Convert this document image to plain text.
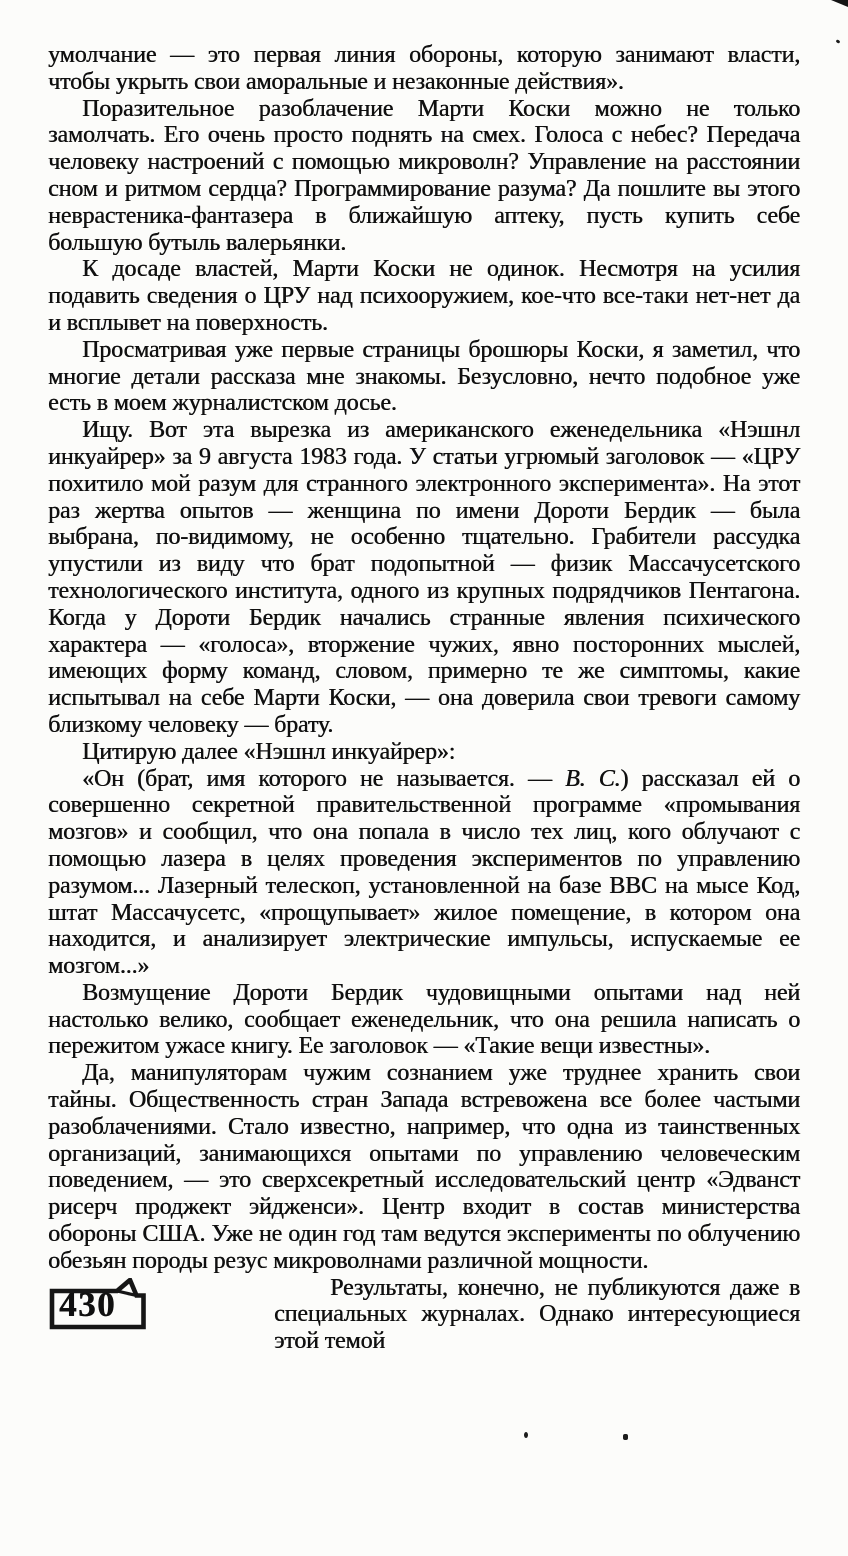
умолчание — это первая линия обороны, которую занимают власти, чтобы укрыть свои аморальные и незаконные действия».

Поразительное разоблачение Марти Коски можно не только замолчать. Его очень просто поднять на смех. Голоса с небес? Передача человеку настроений с помощью микроволн? Управление на расстоянии сном и ритмом сердца? Программирование разума? Да пошлите вы этого неврастеника-фантазера в ближайшую аптеку, пусть купить себе большую бутыль валерьянки.

К досаде властей, Марти Коски не одинок. Несмотря на усилия подавить сведения о ЦРУ над психооружием, кое-что все-таки нет-нет да и всплывет на поверхность.

Просматривая уже первые страницы брошюры Коски, я заметил, что многие детали рассказа мне знакомы. Безусловно, нечто подобное уже есть в моем журналистском досье.

Ищу. Вот эта вырезка из американского еженедельника «Нэшнл инкуайрер» за 9 августа 1983 года. У статьи угрюмый заголовок — «ЦРУ похитило мой разум для странного электронного эксперимента». На этот раз жертва опытов — женщина по имени Дороти Бердик — была выбрана, по-видимому, не особенно тщательно. Грабители рассудка упустили из виду что брат подопытной — физик Массачусетского технологического института, одного из крупных подрядчиков Пентагона. Когда у Дороти Бердик начались странные явления психического характера — «голоса», вторжение чужих, явно посторонних мыслей, имеющих форму команд, словом, примерно те же симптомы, какие испытывал на себе Марти Коски, — она доверила свои тревоги самому близкому человеку — брату.

Цитирую далее «Нэшнл инкуайрер»:

«Он (брат, имя которого не называется. — В. С.) рассказал ей о совершенно секретной правительственной программе «промывания мозгов» и сообщил, что она попала в число тех лиц, кого облучают с помощью лазера в целях проведения экспериментов по управлению разумом... Лазерный телескоп, установленной на базе ВВС на мысе Код, штат Массачусетс, «прощупывает» жилое помещение, в котором она находится, и анализирует электрические импульсы, испускаемые ее мозгом...»

Возмущение Дороти Бердик чудовищными опытами над ней настолько велико, сообщает еженедельник, что она решила написать о пережитом ужасе книгу. Ее заголовок — «Такие вещи известны».

Да, манипуляторам чужим сознанием уже труднее хранить свои тайны. Общественность стран Запада встревожена все более частыми разоблачениями. Стало известно, например, что одна из таинственных организаций, занимающихся опытами по управлению человеческим поведением, — это сверхсекретный исследовательский центр «Эдванст рисерч проджект эйдженси». Центр входит в состав министерства обороны США. Уже не один год там ведутся эксперименты по облучению обезьян породы резус микроволнами различной мощности.

430	Результаты, конечно, не публикуются даже в специальных журналах. Однако интересующиеся этой темой
